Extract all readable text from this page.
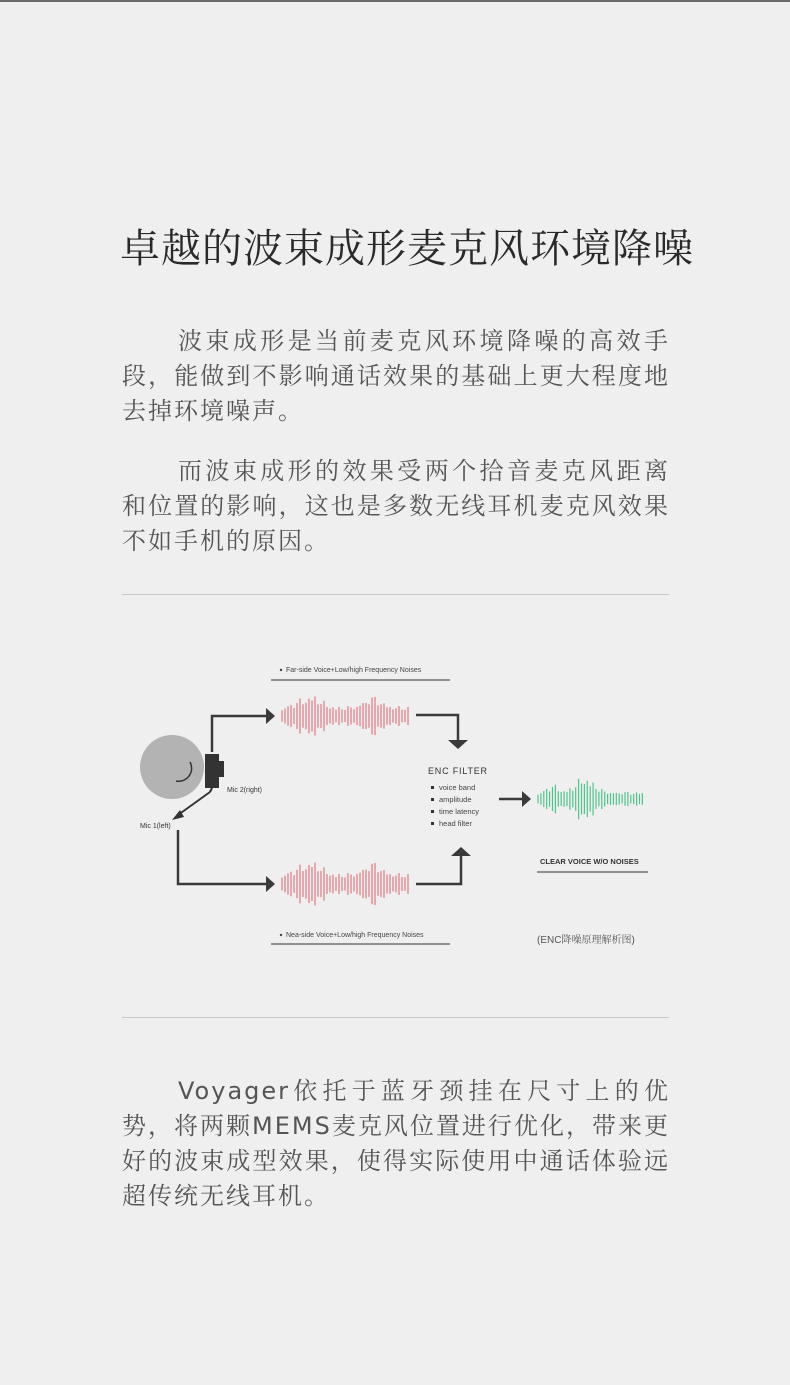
卓越的波束成形麦克风环境降噪

波束成形是当前麦克风环境降噪的高效手段，能做到不影响通话效果的基础上更大程度地去掉环境噪声。

而波束成形的效果受两个拾音麦克风距离和位置的影响，这也是多数无线耳机麦克风效果不如手机的原因。

Far-side Voice+Low/high Frequency Noises
Mic 2(right)
Mic 1(left)
ENC FILTER
voice band
amplitude
time latency
head filter
CLEAR VOICE W/O NOISES
Nea-side Voice+Low/high Frequency Noises	(ENC降噪原理解析图)

Voyager依托于蓝牙颈挂在尺寸上的优势，将两颗MEMS麦克风位置进行优化，带来更好的波束成型效果，使得实际使用中通话体验远超传统无线耳机。
